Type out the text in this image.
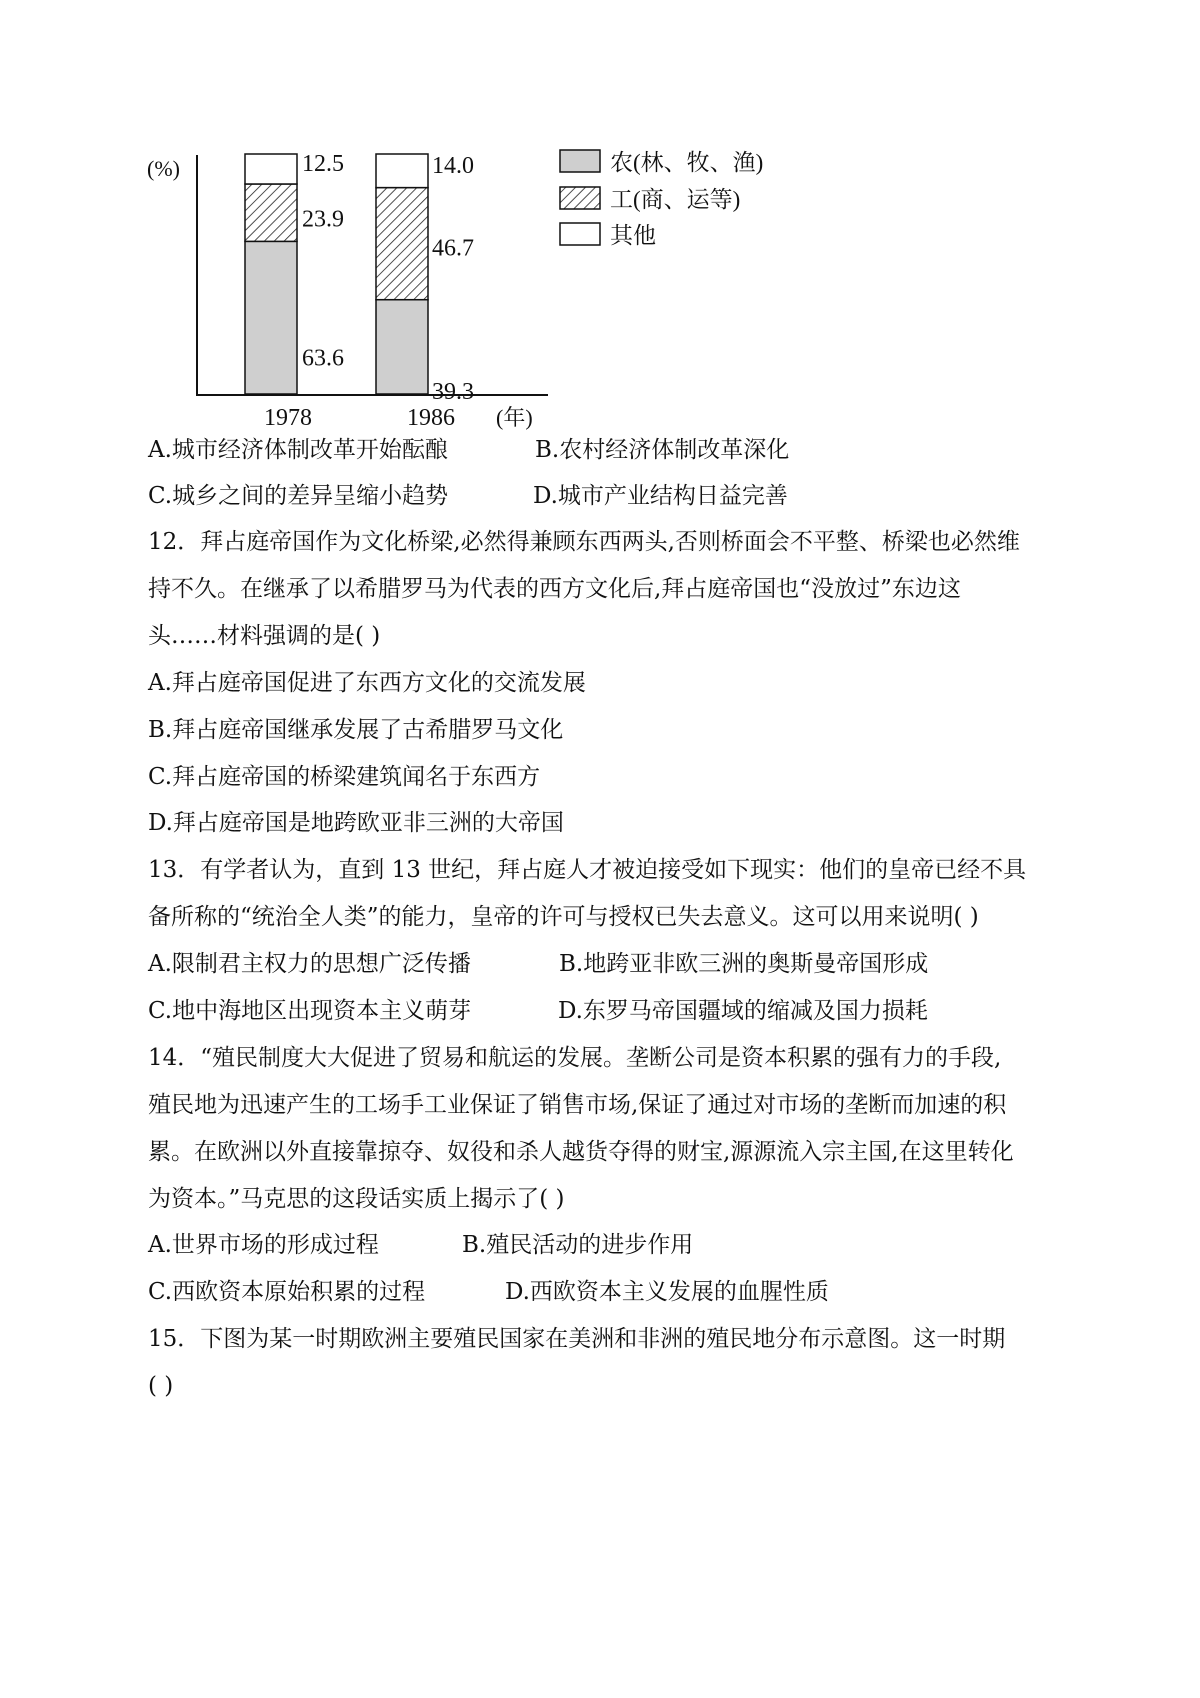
(%)
63.6
23.9
12.5
39.3
46.7
14.0
1978	1986 (年)
农(林、牧、渔)
工(商、运等)
其他
A.城市经济体制改革开始酝酿	B.农村经济体制改革深化
C.城乡之间的差异呈缩小趋势	D.城市产业结构日益完善
12．拜占庭帝国作为文化桥梁,必然得兼顾东西两头,否则桥面会不平整、桥梁也必然维
持不久。在继承了以希腊罗马为代表的西方文化后,拜占庭帝国也“没放过”东边这
头……材料强调的是( )
A.拜占庭帝国促进了东西方文化的交流发展
B.拜占庭帝国继承发展了古希腊罗马文化
C.拜占庭帝国的桥梁建筑闻名于东西方
D.拜占庭帝国是地跨欧亚非三洲的大帝国
13．有学者认为，直到 13 世纪，拜占庭人才被迫接受如下现实：他们的皇帝已经不具
备所称的“统治全人类”的能力，皇帝的许可与授权已失去意义。这可以用来说明( )
A.限制君主权力的思想广泛传播	B.地跨亚非欧三洲的奥斯曼帝国形成
C.地中海地区出现资本主义萌芽	D.东罗马帝国疆域的缩减及国力损耗
14．“殖民制度大大促进了贸易和航运的发展。垄断公司是资本积累的强有力的手段,
殖民地为迅速产生的工场手工业保证了销售市场,保证了通过对市场的垄断而加速的积
累。在欧洲以外直接靠掠夺、奴役和杀人越货夺得的财宝,源源流入宗主国,在这里转化
为资本。”马克思的这段话实质上揭示了( )
A.世界市场的形成过程	B.殖民活动的进步作用
C.西欧资本原始积累的过程	D.西欧资本主义发展的血腥性质
15．下图为某一时期欧洲主要殖民国家在美洲和非洲的殖民地分布示意图。这一时期
( )
